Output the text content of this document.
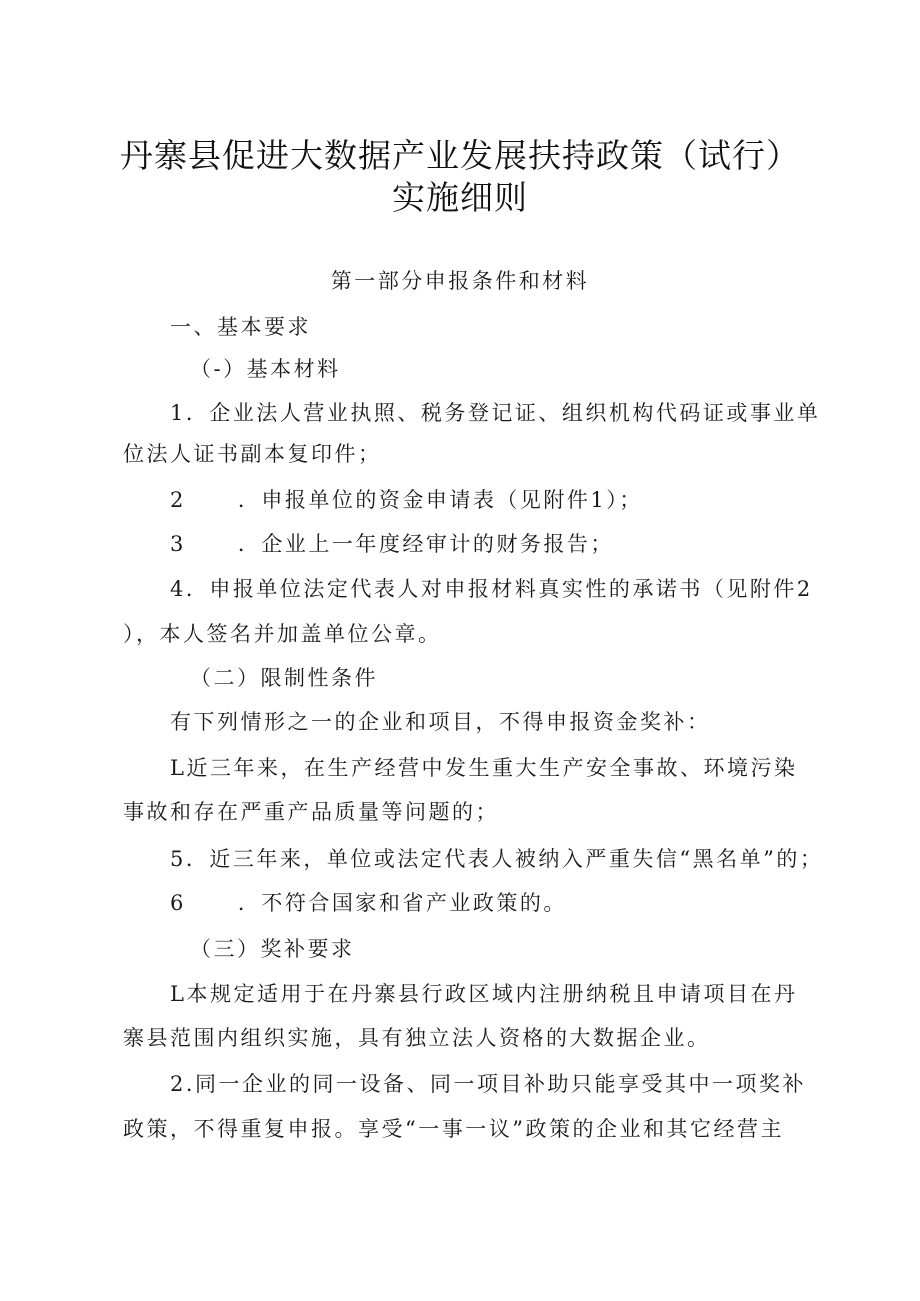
丹寨县促进大数据产业发展扶持政策（试行）
实施细则
第一部分申报条件和材料
一、基本要求
（-）基本材料
1．企业法人营业执照、税务登记证、组织机构代码证或事业单
位法人证书副本复印件；
2 ．申报单位的资金申请表（见附件1）；
3 ．企业上一年度经审计的财务报告；
4．申报单位法定代表人对申报材料真实性的承诺书（见附件2
），本人签名并加盖单位公章。
（二）限制性条件
有下列情形之一的企业和项目，不得申报资金奖补：
L近三年来，在生产经营中发生重大生产安全事故、环境污染
事故和存在严重产品质量等问题的；
5．近三年来，单位或法定代表人被纳入严重失信“黑名单”的；
6 ．不符合国家和省产业政策的。
（三）奖补要求
L本规定适用于在丹寨县行政区域内注册纳税且申请项目在丹
寨县范围内组织实施，具有独立法人资格的大数据企业。
2.同一企业的同一设备、同一项目补助只能享受其中一项奖补
政策，不得重复申报。享受“一事一议”政策的企业和其它经营主
